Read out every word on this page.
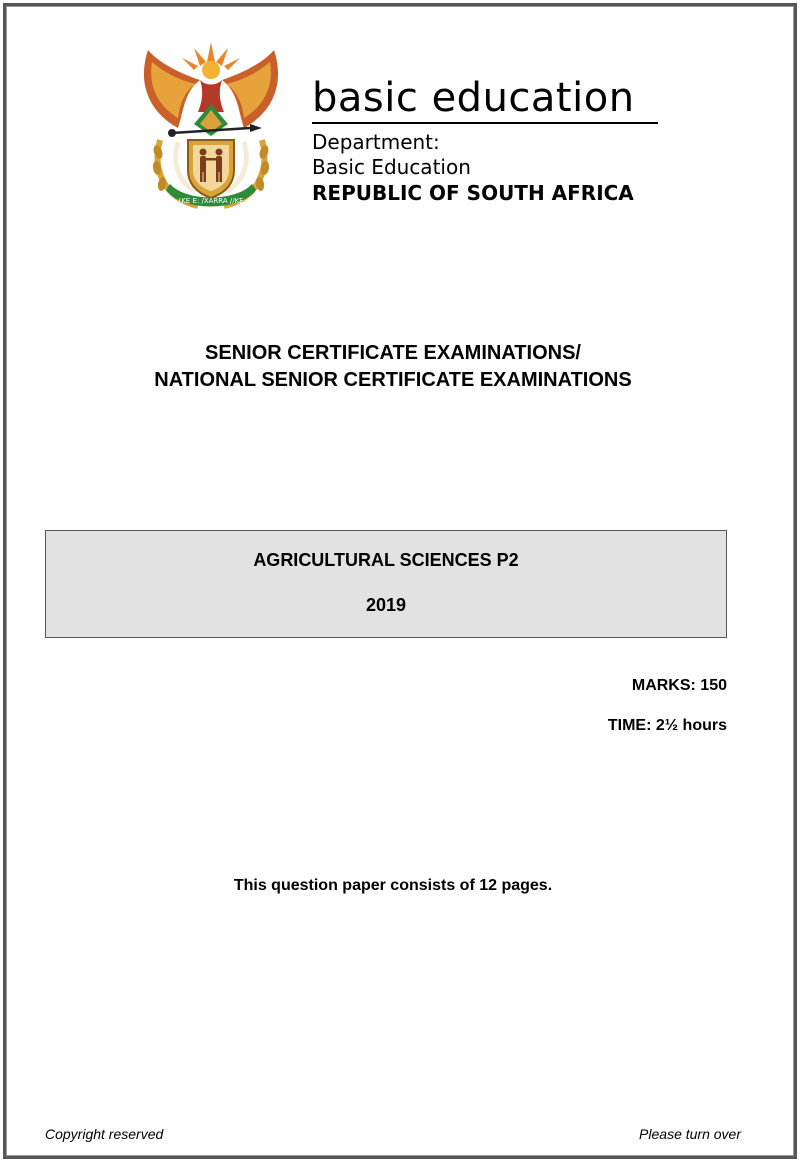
!KE E: /XARRA //KE
basic education
Department:
Basic Education
REPUBLIC OF SOUTH AFRICA
SENIOR CERTIFICATE EXAMINATIONS/
NATIONAL SENIOR CERTIFICATE EXAMINATIONS
AGRICULTURAL SCIENCES P2
2019
MARKS: 150
TIME: 2½ hours
This question paper consists of 12 pages.
Copyright reserved	Please turn over
